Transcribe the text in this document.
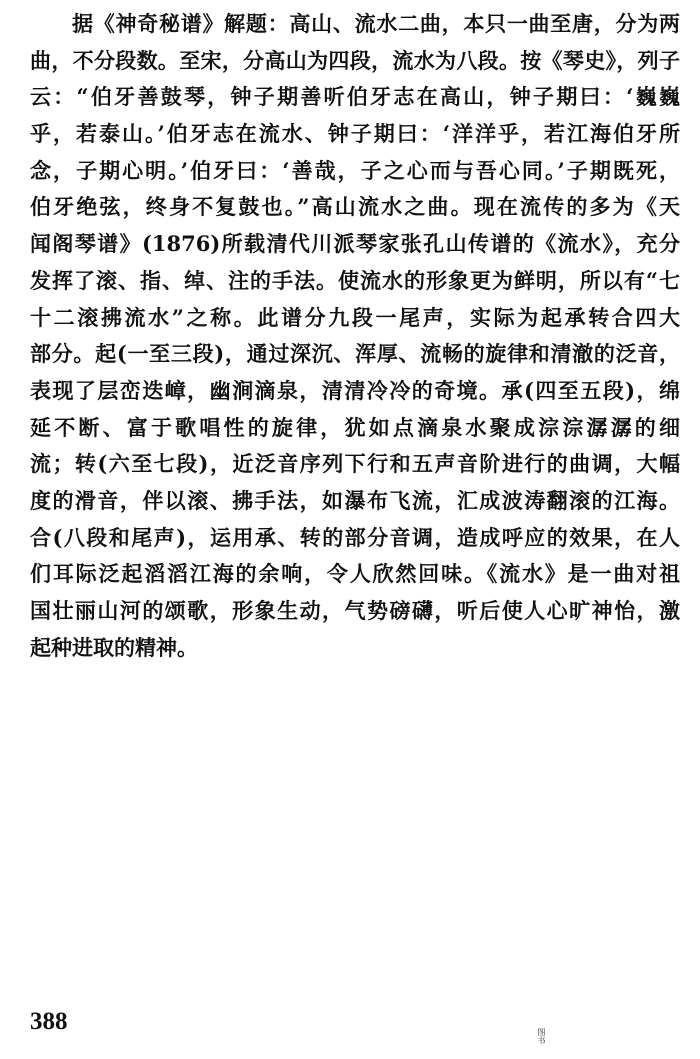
据《神奇秘谱》解题：高山、流水二曲，本只一曲至唐，分为两
曲，不分段数。至宋，分高山为四段，流水为八段。按《琴史》，列子
云：“伯牙善鼓琴，钟子期善听伯牙志在高山，钟子期曰：‘巍巍
乎，若泰山。’伯牙志在流水、钟子期曰：‘洋洋乎，若江海伯牙所
念，子期心明。’伯牙曰：‘善哉，子之心而与吾心同。’子期既死，
伯牙绝弦，终身不复鼓也。”高山流水之曲。现在流传的多为《天
闻阁琴谱》(1876)所载清代川派琴家张孔山传谱的《流水》，充分
发挥了滚、指、绰、注的手法。使流水的形象更为鲜明，所以有“七
十二滚拂流水”之称。此谱分九段一尾声，实际为起承转合四大
部分。起(一至三段)，通过深沉、浑厚、流畅的旋律和清澈的泛音，
表现了层峦迭嶂，幽涧滴泉，清清冷冷的奇境。承(四至五段)，绵
延不断、富于歌唱性的旋律，犹如点滴泉水聚成淙淙潺潺的细
流；转(六至七段)，近泛音序列下行和五声音阶进行的曲调，大幅
度的滑音，伴以滚、拂手法，如瀑布飞流，汇成波涛翻滚的江海。
合(八段和尾声)，运用承、转的部分音调，造成呼应的效果，在人
们耳际泛起滔滔江海的余响，令人欣然回味。《流水》是一曲对祖
国壮丽山河的颂歌，形象生动，气势磅礴，听后使人心旷神怡，激
起种进取的精神。
388
图书
